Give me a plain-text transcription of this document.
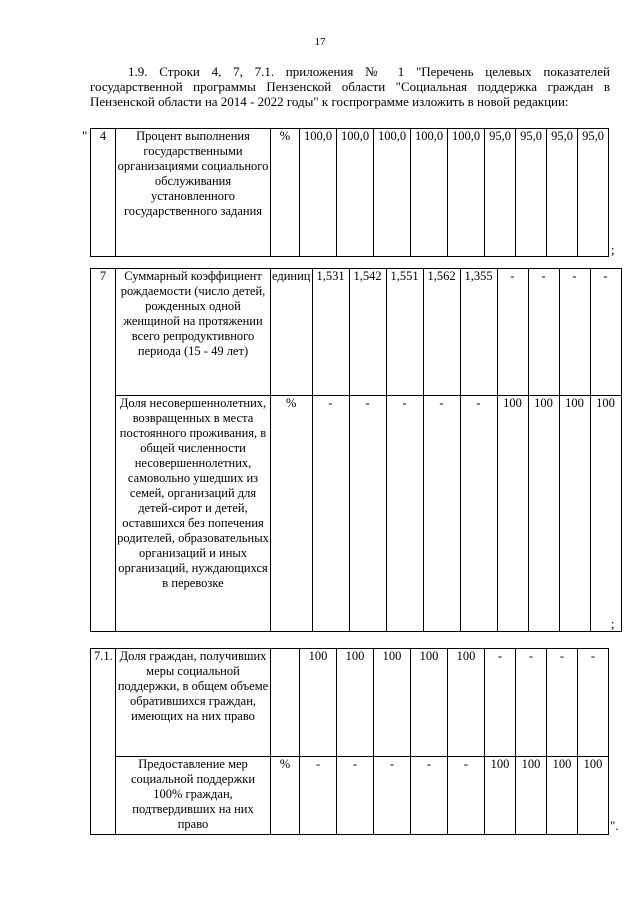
17

1.9. Строки 4, 7, 7.1. приложения № 1 "Перечень целевых показателей государственной программы Пензенской области "Социальная поддержка граждан в Пензенской области на 2014 - 2022 годы" к госпрограмме изложить в новой редакции:

" 4	Процент выполнения государственными организациями социального обслуживания установленного государственного задания	%	100,0	100,0	100,0	100,0	100,0	95,0	95,0	95,0	95,0
;
7	Суммарный коэффициент рождаемости (число детей, рожденных одной женщиной на протяжении всего репродуктивного периода (15 - 49 лет)	единиц	1,531	1,542	1,551	1,562	1,355	-	-	-	-
	Доля несовершеннолетних, возвращенных в места постоянного проживания, в общей численности несовершеннолетних, самовольно ушедших из семей, организаций для детей-сирот и детей, оставшихся без попечения родителей, образовательных организаций и иных организаций, нуждающихся в перевозке	%	-	-	-	-	-	100	100	100	100
;
7.1.	Доля граждан, получивших меры социальной поддержки, в общем объеме обратившихся граждан, имеющих на них право		100	100	100	100	100	-	-	-	-
	Предоставление мер социальной поддержки 100% граждан, подтвердивших на них право	%	-	-	-	-	-	100	100	100	100
".
